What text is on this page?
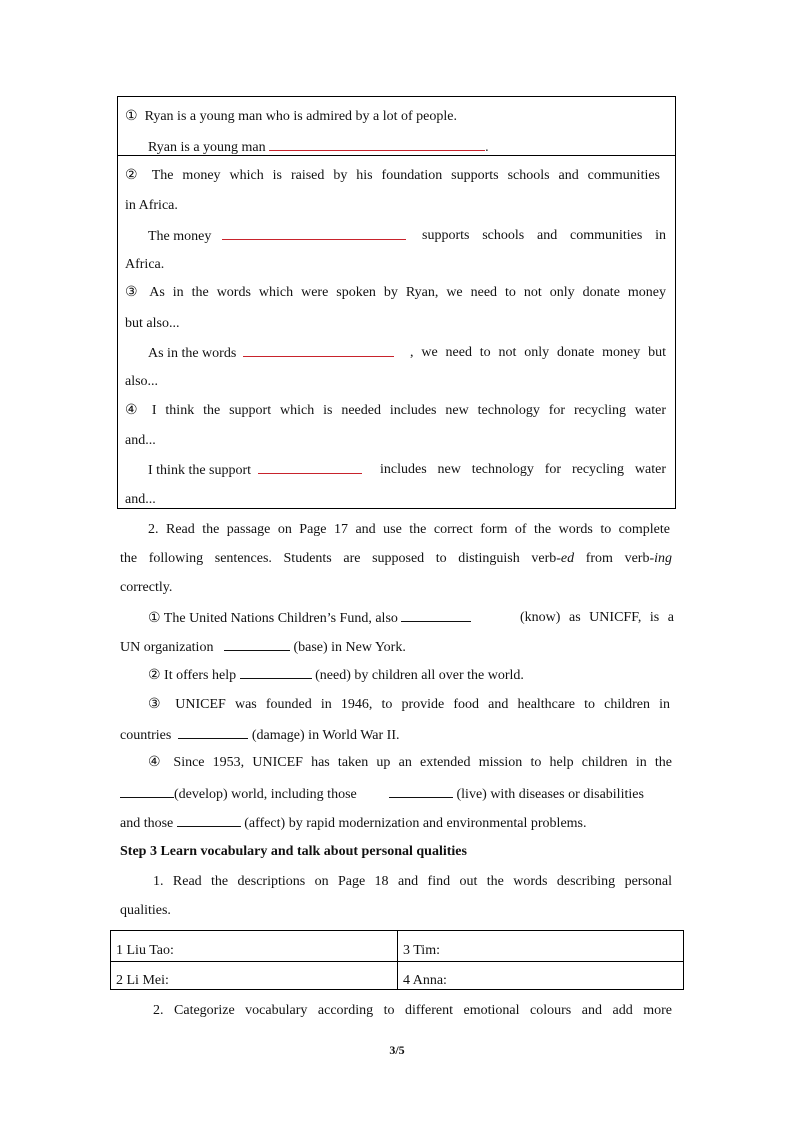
① Ryan is a young man who is admired by a lot of people.
Ryan is a young man	.
② The money which is raised by his foundation supports schools and communities
in Africa.
The money	supports schools and communities in
Africa.
③ As in the words which were spoken by Ryan, we need to not only donate money
but also...
As in the words	, we need to not only donate money but
also...
④ I think the support which is needed includes new technology for recycling water
and...
I think the support	includes new technology for recycling water
and...
2. Read the passage on Page 17 and use the correct form of the words to complete
the following sentences. Students are supposed to distinguish verb-ed from verb-ing
correctly.
① The United Nations Children’s Fund, also	(know) as UNICFF, is a
UN organization	(base) in New York.
② It offers help	(need) by children all over the world.
③ UNICEF was founded in 1946, to provide food and healthcare to children in
countries	(damage) in World War II.
④ Since 1953, UNICEF has taken up an extended mission to help children in the
(develop) world, including those	(live) with diseases or disabilities
and those	(affect) by rapid modernization and environmental problems.
Step 3 Learn vocabulary and talk about personal qualities
1. Read the descriptions on Page 18 and find out the words describing personal
qualities.
1 Liu Tao:	3 Tim:
2 Li Mei:	4 Anna:
2. Categorize vocabulary according to different emotional colours and add more
3/5
